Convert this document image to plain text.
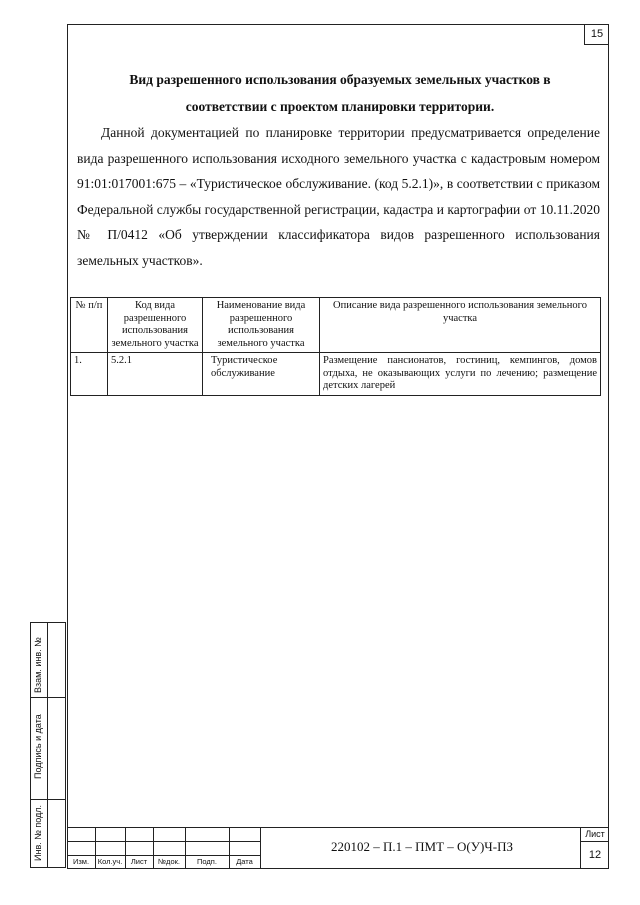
15
Вид разрешенного использования образуемых земельных участков в
соответствии с проектом планировки территории.
Данной документацией по планировке территории предусматривается определение вида разрешенного использования исходного земельного участка с кадастровым номером 91:01:017001:675 – «Туристическое обслуживание. (код 5.2.1)», в соответствии с приказом Федеральной службы государственной регистрации, кадастра и картографии от 10.11.2020 № П/0412 «Об утверждении классификатора видов разрешенного использования земельных участков».
№ п/п	Код вида разрешенного использования земельного участка	Наименование вида разрешенного использования земельного участка	Описание вида разрешенного использования земельного участка
1.	5.2.1	Туристическое обслуживание	Размещение пансионатов, гостиниц, кемпингов, домов отдыха, не оказывающих услуги по лечению; размещение детских лагерей
Взам. инв. №
Подпись и дата
Инв. № подл.
Изм.	Кол.уч.	Лист	№док.	Подп.	Дата
220102 – П.1 – ПМТ – О(У)Ч-ПЗ
Лист
12
